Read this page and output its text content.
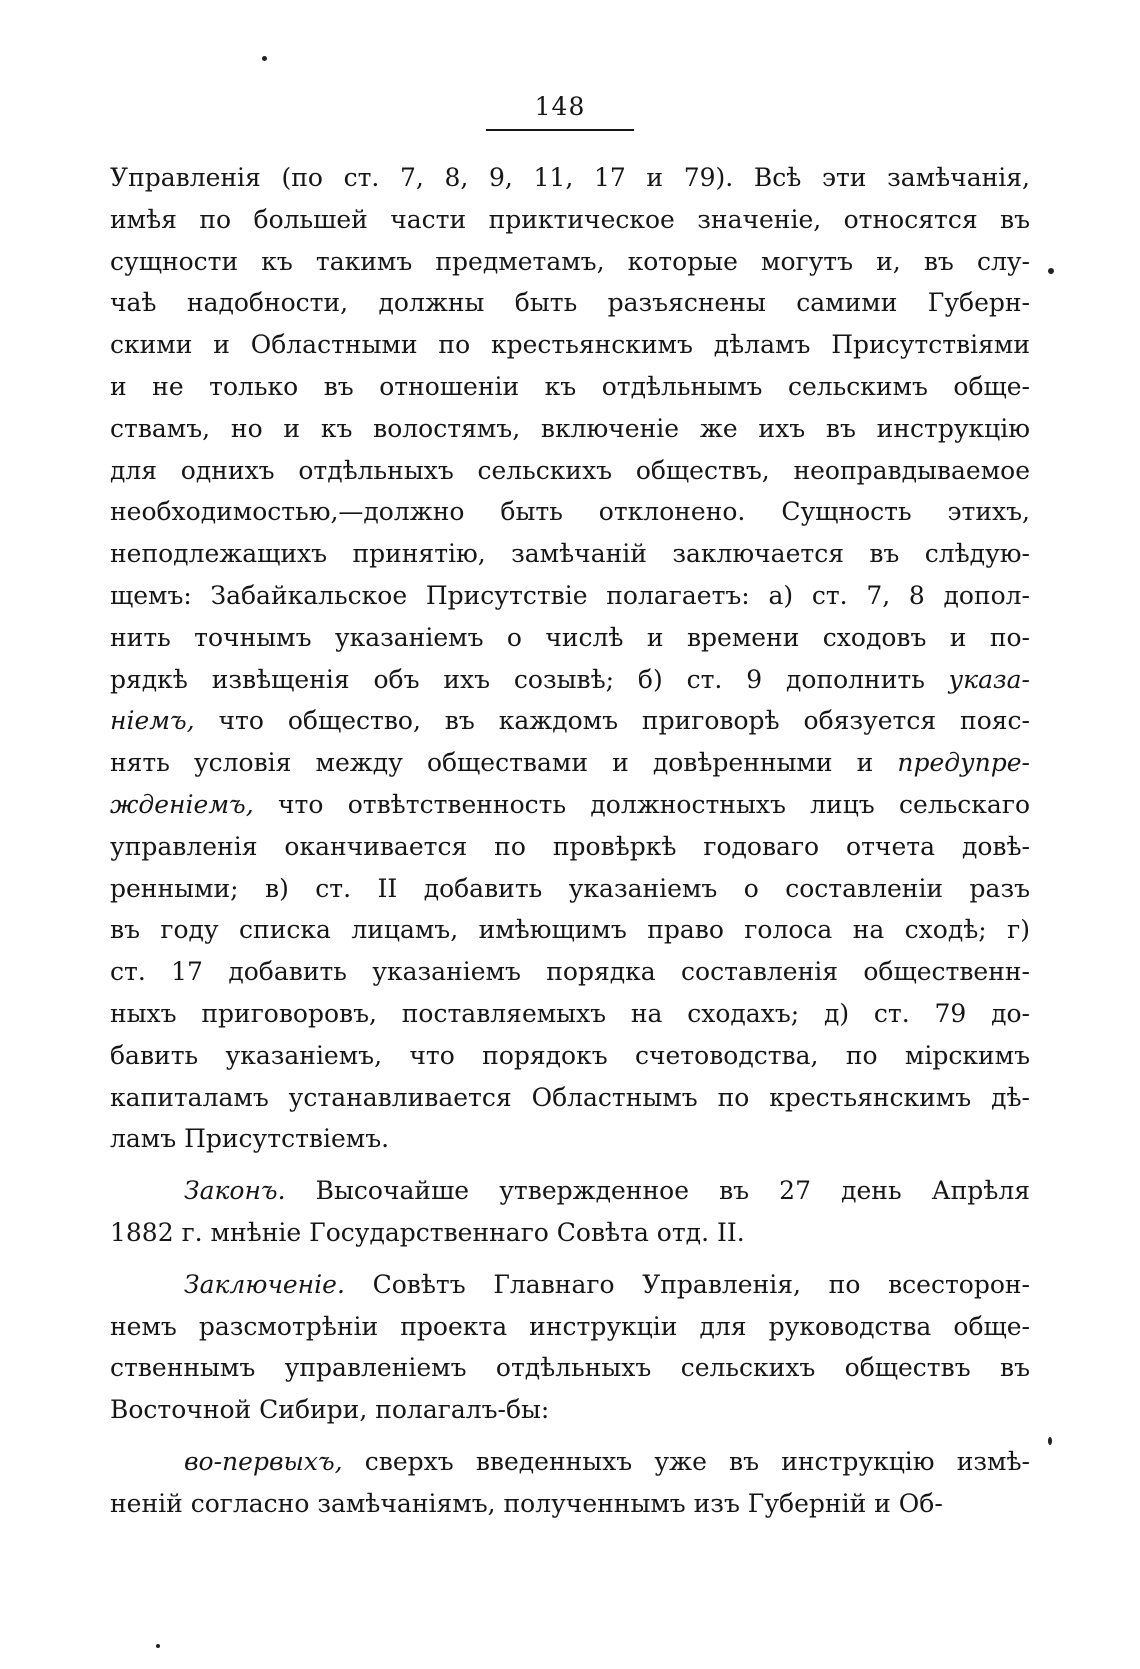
148
Управленія (по ст. 7, 8, 9, 11, 17 и 79). Всѣ эти замѣчанія,
имѣя по большей части приктическое значеніе, относятся въ
сущности къ такимъ предметамъ, которые могутъ и, въ слу-
чаѣ надобности, должны быть разъяснены самими Губерн-
скими и Областными по крестьянскимъ дѣламъ Присутствіями
и не только въ отношеніи къ отдѣльнымъ сельскимъ обще-
ствамъ, но и къ волостямъ, включеніе же ихъ въ инструкцію
для однихъ отдѣльныхъ сельскихъ обществъ, неоправдываемое
необходимостью,—должно быть отклонено. Сущность этихъ,
неподлежащихъ принятію, замѣчаній заключается въ слѣдую-
щемъ: Забайкальское Присутствіе полагаетъ: а) ст. 7, 8 допол-
нить точнымъ указаніемъ о числѣ и времени сходовъ и по-
рядкѣ извѣщенія объ ихъ созывѣ; б) ст. 9 дополнить указа-
ніемъ, что общество, въ каждомъ приговорѣ обязуется пояс-
нять условія между обществами и довѣренными и предупре-
жденіемъ, что отвѣтственность должностныхъ лицъ сельскаго
управленія оканчивается по провѣркѣ годоваго отчета довѣ-
ренными; в) ст. II добавить указаніемъ о составленіи разъ
въ году списка лицамъ, имѣющимъ право голоса на сходѣ; г)
ст. 17 добавить указаніемъ порядка составленія общественн-
ныхъ приговоровъ, поставляемыхъ на сходахъ; д) ст. 79 до-
бавить указаніемъ, что порядокъ счетоводства, по мірскимъ
капиталамъ устанавливается Областнымъ по крестьянскимъ дѣ-
ламъ Присутствіемъ.
Законъ. Высочайше утвержденное въ 27 день Апрѣля
1882 г. мнѣніе Государственнаго Совѣта отд. II.
Заключеніе. Совѣтъ Главнаго Управленія, по всесторон-
немъ разсмотрѣніи проекта инструкціи для руководства обще-
ственнымъ управленіемъ отдѣльныхъ сельскихъ обществъ въ
Восточной Сибири, полагалъ-бы:
во-первыхъ, сверхъ введенныхъ уже въ инструкцію измѣ-
неній согласно замѣчаніямъ, полученнымъ изъ Губерній и Об-
